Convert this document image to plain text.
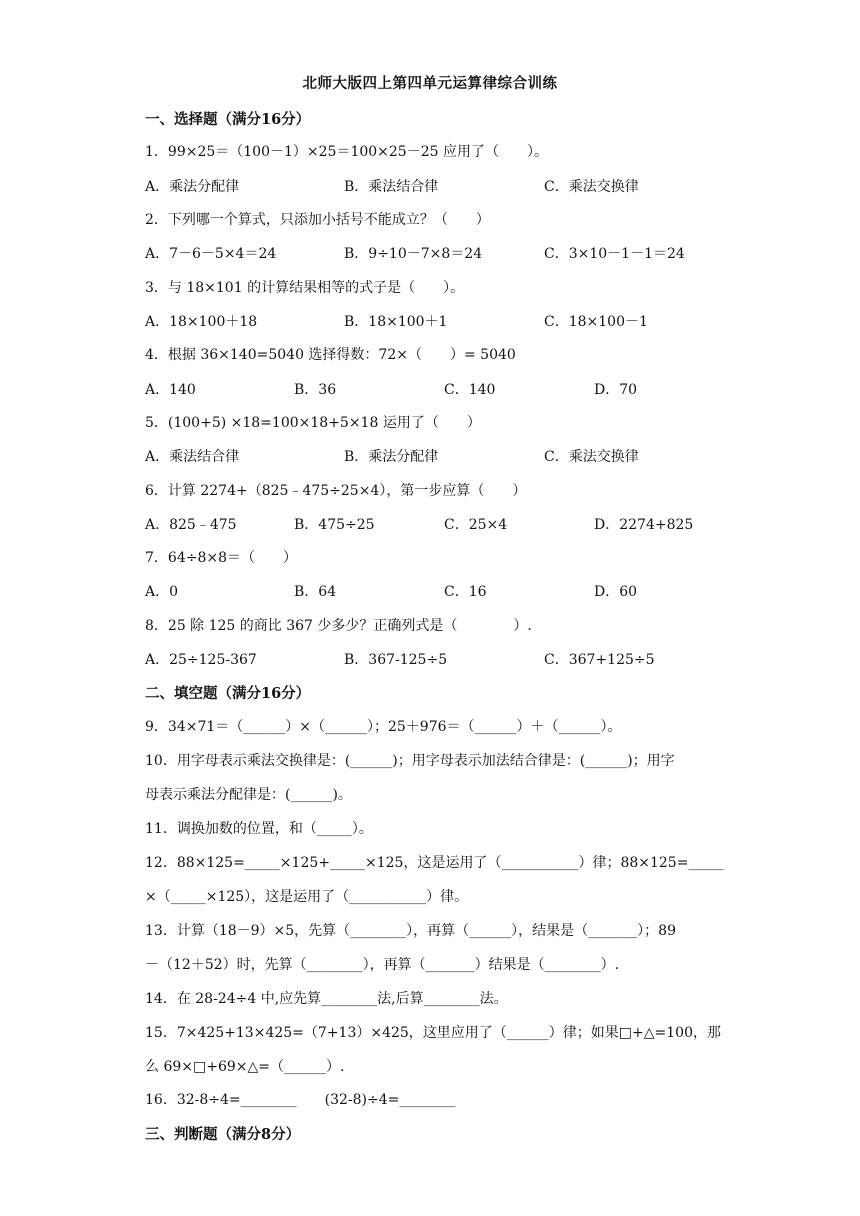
北师大版四上第四单元运算律综合训练
一、选择题（满分16分）
1．99×25＝（100－1）×25＝100×25－25 应用了（　　）。
A．乘法分配律	B．乘法结合律	C．乘法交换律
2．下列哪一个算式，只添加小括号不能成立？（　　）
A．7－6－5×4＝24	B．9÷10－7×8＝24	C．3×10－1－1＝24
3．与 18×101 的计算结果相等的式子是（　　）。
A．18×100＋18	B．18×100＋1	C．18×100－1
4．根据 36×140=5040 选择得数：72×（　　）= 5040
A．140	B．36	C．140	D．70
5．(100+5) ×18=100×18+5×18 运用了（　　）
A．乘法结合律	B．乘法分配律	C．乘法交换律
6．计算 2274+（825﹣475÷25×4），第一步应算（　　）
A．825﹣475	B．475÷25	C．25×4	D．2274+825
7．64÷8×8＝（　　）
A．0	B．64	C．16	D．60
8．25 除 125 的商比 367 少多少？正确列式是（　　　　）.
A．25÷125-367	B．367-125÷5	C．367+125÷5
二、填空题（满分16分）
9．34×71＝（______）×（______）；25＋976＝（______）＋（______）。
10．用字母表示乘法交换律是：(______)；用字母表示加法结合律是：(______)；用字
母表示乘法分配律是：(______)。
11．调换加数的位置，和（_____）。
12．88×125=_____×125+_____×125，这是运用了（___________）律；88×125=_____
×（_____×125），这是运用了（___________）律。
13．计算（18－9）×5，先算（________），再算（______），结果是（_______）；89
－（12＋52）时，先算（________），再算（_______）结果是（________）.
14．在 28-24÷4 中,应先算________法,后算________法。
15．7×425+13×425=（7+13）×425，这里应用了（______）律；如果□+△=100，那
么 69×□+69×△=（______）.
16．32-8÷4=________　　(32-8)÷4=________
三、判断题（满分8分）
